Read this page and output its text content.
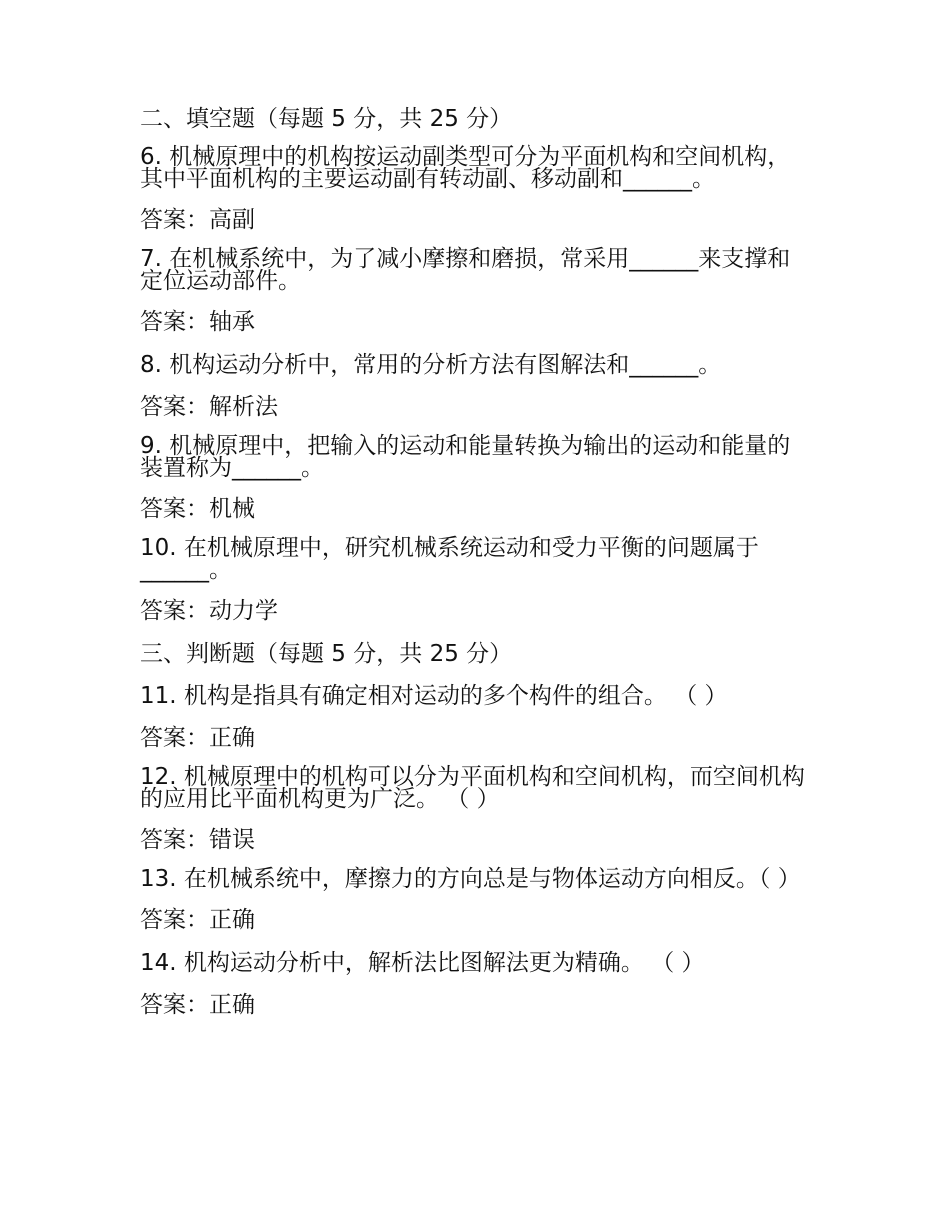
二、填空题（每题 5 分，共 25 分）
6. 机械原理中的机构按运动副类型可分为平面机构和空间机构，其中平面机构的主要运动副有转动副、移动副和______。
答案：高副
7. 在机械系统中，为了减小摩擦和磨损，常采用______来支撑和定位运动部件。
答案：轴承
8. 机构运动分析中，常用的分析方法有图解法和______。
答案：解析法
9. 机械原理中，把输入的运动和能量转换为输出的运动和能量的装置称为______。
答案：机械
10. 在机械原理中，研究机械系统运动和受力平衡的问题属于______。
答案：动力学
三、判断题（每题 5 分，共 25 分）
11. 机构是指具有确定相对运动的多个构件的组合。 （ ）
答案：正确
12. 机械原理中的机构可以分为平面机构和空间机构，而空间机构的应用比平面机构更为广泛。 （ ）
答案：错误
13. 在机械系统中，摩擦力的方向总是与物体运动方向相反。（ ）
答案：正确
14. 机构运动分析中，解析法比图解法更为精确。 （ ）
答案：正确
